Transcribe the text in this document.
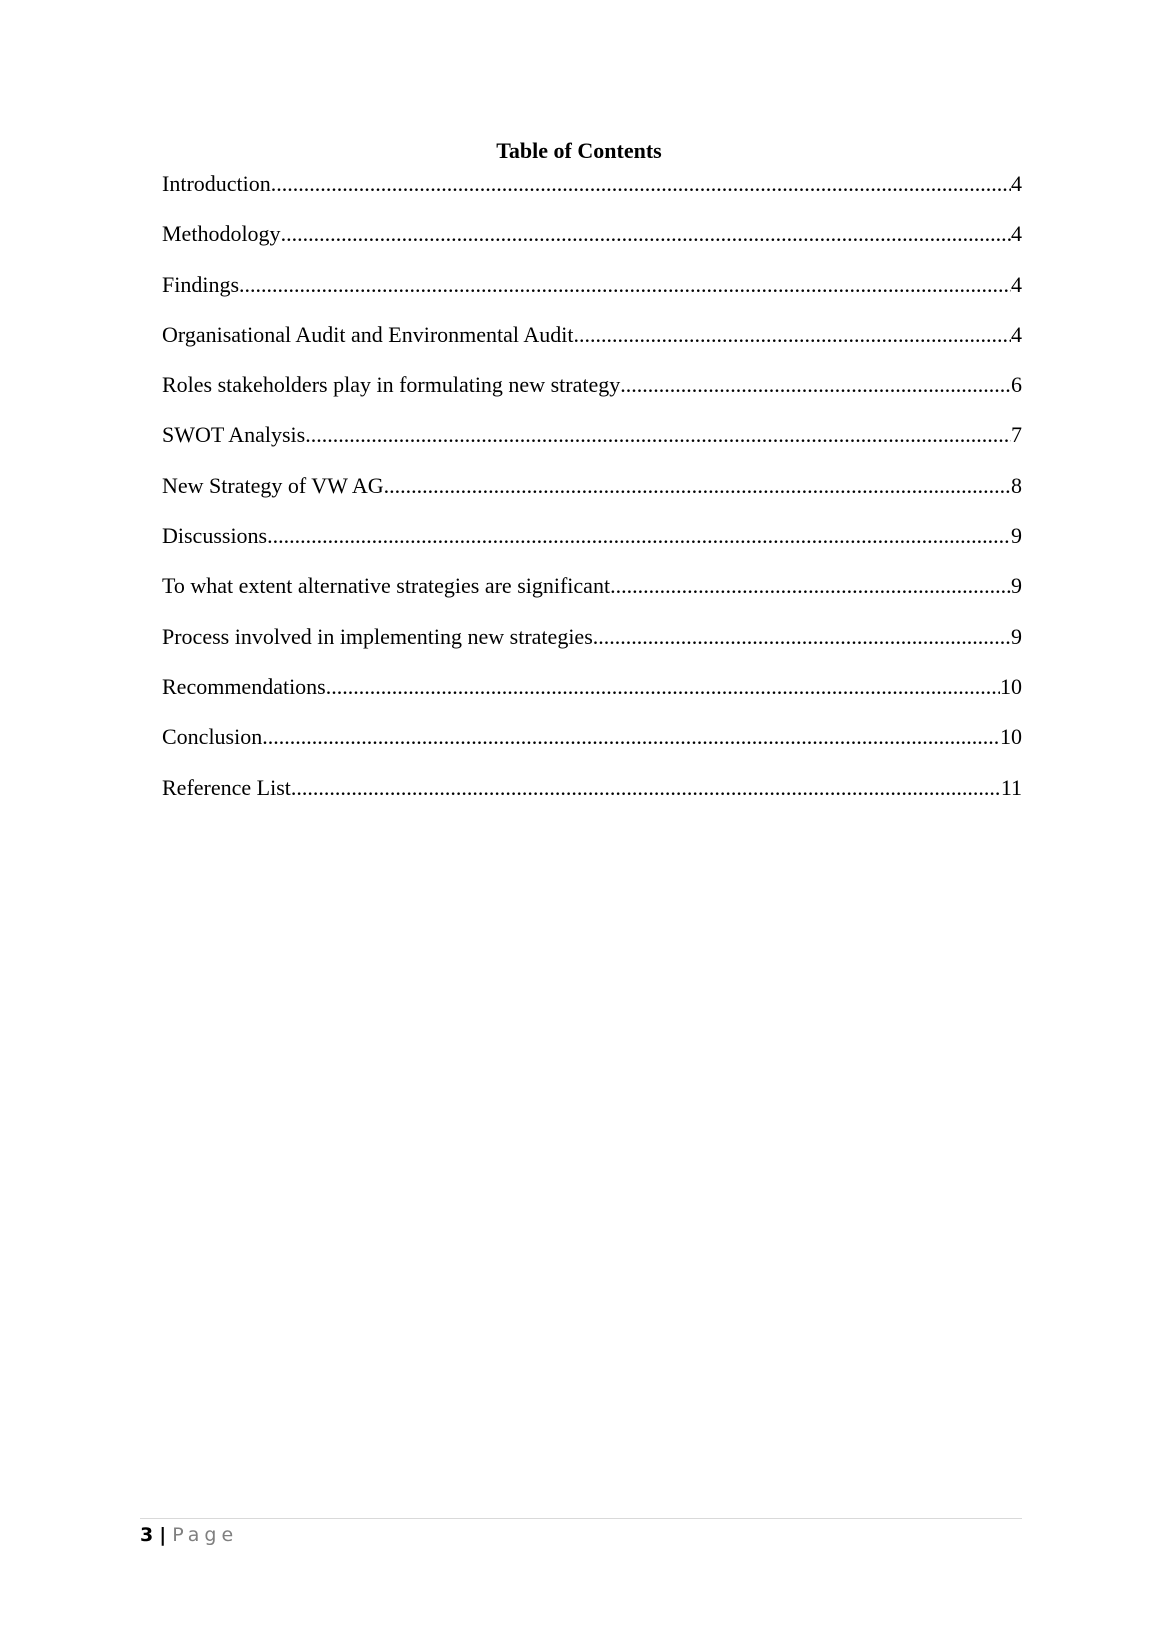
Table of Contents
Introduction .....	4
Methodology .....	4
Findings .....	4
Organisational Audit and Environmental Audit .....	4
Roles stakeholders play in formulating new strategy .....	6
SWOT Analysis .....	7
New Strategy of VW AG .....	8
Discussions .....	9
To what extent alternative strategies are significant .....	9
Process involved in implementing new strategies .....	9
Recommendations .....	10
Conclusion .....	10
Reference List .....	11
3 | Page
